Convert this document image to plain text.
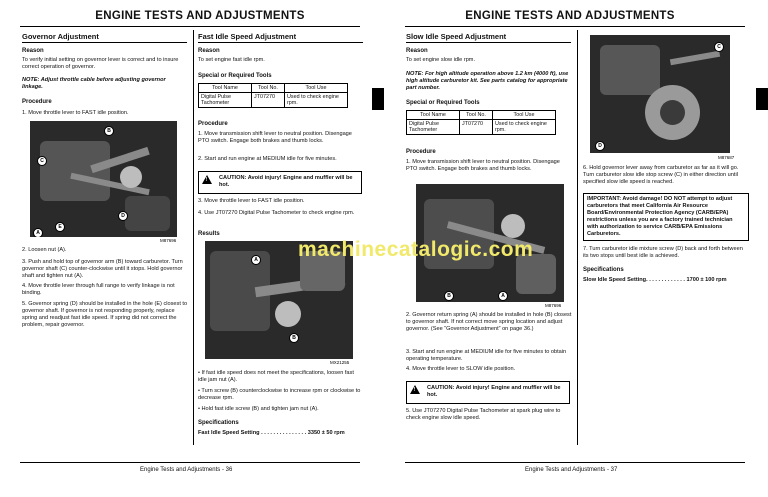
ENGINE TESTS AND ADJUSTMENTS	ENGINE TESTS AND ADJUSTMENTS
Governor Adjustment
Reason
To verify initial setting on governor lever is correct and to insure correct operation of governor.
NOTE: Adjust throttle cable before adjusting governor linkage.
Procedure
1. Move throttle lever to FAST idle position.
B
C
D
E
A
M87696
2. Loosen nut (A).
3. Push and hold top of governor arm (B) toward carburetor. Turn governor shaft (C) counter-clockwise until it stops. Hold governor shaft and tighten nut (A).
4. Move throttle lever through full range to verify linkage is not binding.
5. Governor spring (D) should be installed in the hole (E) closest to governor shaft. If governor is not responding properly, replace spring and readjust fast idle speed. If spring did not correct the problem, repair governor.
Fast Idle Speed Adjustment
Reason
To set engine fast idle rpm.
Special or Required Tools
Tool Name	Tool No.	Tool Use
Digital Pulse Tachometer	JT07270	Used to check engine rpm.
Procedure
1. Move transmission shift lever to neutral position. Disengage PTO switch. Engage both brakes and thumb locks.
2. Start and run engine at MEDIUM idle for five minutes.
! CAUTION: Avoid injury! Engine and muffler will be hot.
3. Move throttle lever to FAST idle position.
4. Use JT07270 Digital Pulse Tachometer to check engine rpm.
Results
A
B
MX21255
• If fast idle speed does not meet the specifications, loosen fast idle jam nut (A).
• Turn screw (B) counterclockwise to increase rpm or clockwise to decrease rpm.
• Hold fast idle screw (B) and tighten jam nut (A).
Specifications
Fast Idle Speed Setting . . . . . . . . . . . . . . . 3350 ± 50 rpm
Slow Idle Speed Adjustment
Reason
To set engine slow idle rpm.
NOTE: For high altitude operation above 1.2 km (4000 ft), use high altitude carburetor kit. See parts catalog for appropriate part number.
Special or Required Tools
Tool Name	Tool No.	Tool Use
Digital Pulse Tachometer	JT07270	Used to check engine rpm.
Procedure
1. Move transmission shift lever to neutral position. Disengage PTO switch. Engage both brakes and thumb locks.
B	A
M87696
2. Governor return spring (A) should be installed in hole (B) closest to governor shaft. If not correct move spring location and adjust governor. (See “Governor Adjustment” on page 36.)
3. Start and run engine at MEDIUM idle for five minutes to obtain operating temperature.
4. Move throttle lever to SLOW idle position.
! CAUTION: Avoid injury! Engine and muffler will be hot.
5. Use JT07270 Digital Pulse Tachometer at spark plug wire to check engine slow idle speed.
C
D
M87687
6. Hold governor lever away from carburetor as far as it will go. Turn carburetor slow idle stop screw (C) in either direction until specified slow idle speed is reached.
IMPORTANT: Avoid damage! DO NOT attempt to adjust carburetors that meet California Air Resource Board/Environmental Protection Agency (CARB/EPA) restrictions unless you are a factory trained technician with authorization to service CARB/EPA Emissions Carburetors.
7. Turn carburetor idle mixture screw (D) back and forth between its two stops until best idle is achieved.
Specifications
Slow Idle Speed Setting. . . . . . . . . . . . . 1700 ± 100 rpm
machinecatalogic.com
Engine Tests and Adjustments - 36	Engine Tests and Adjustments - 37
